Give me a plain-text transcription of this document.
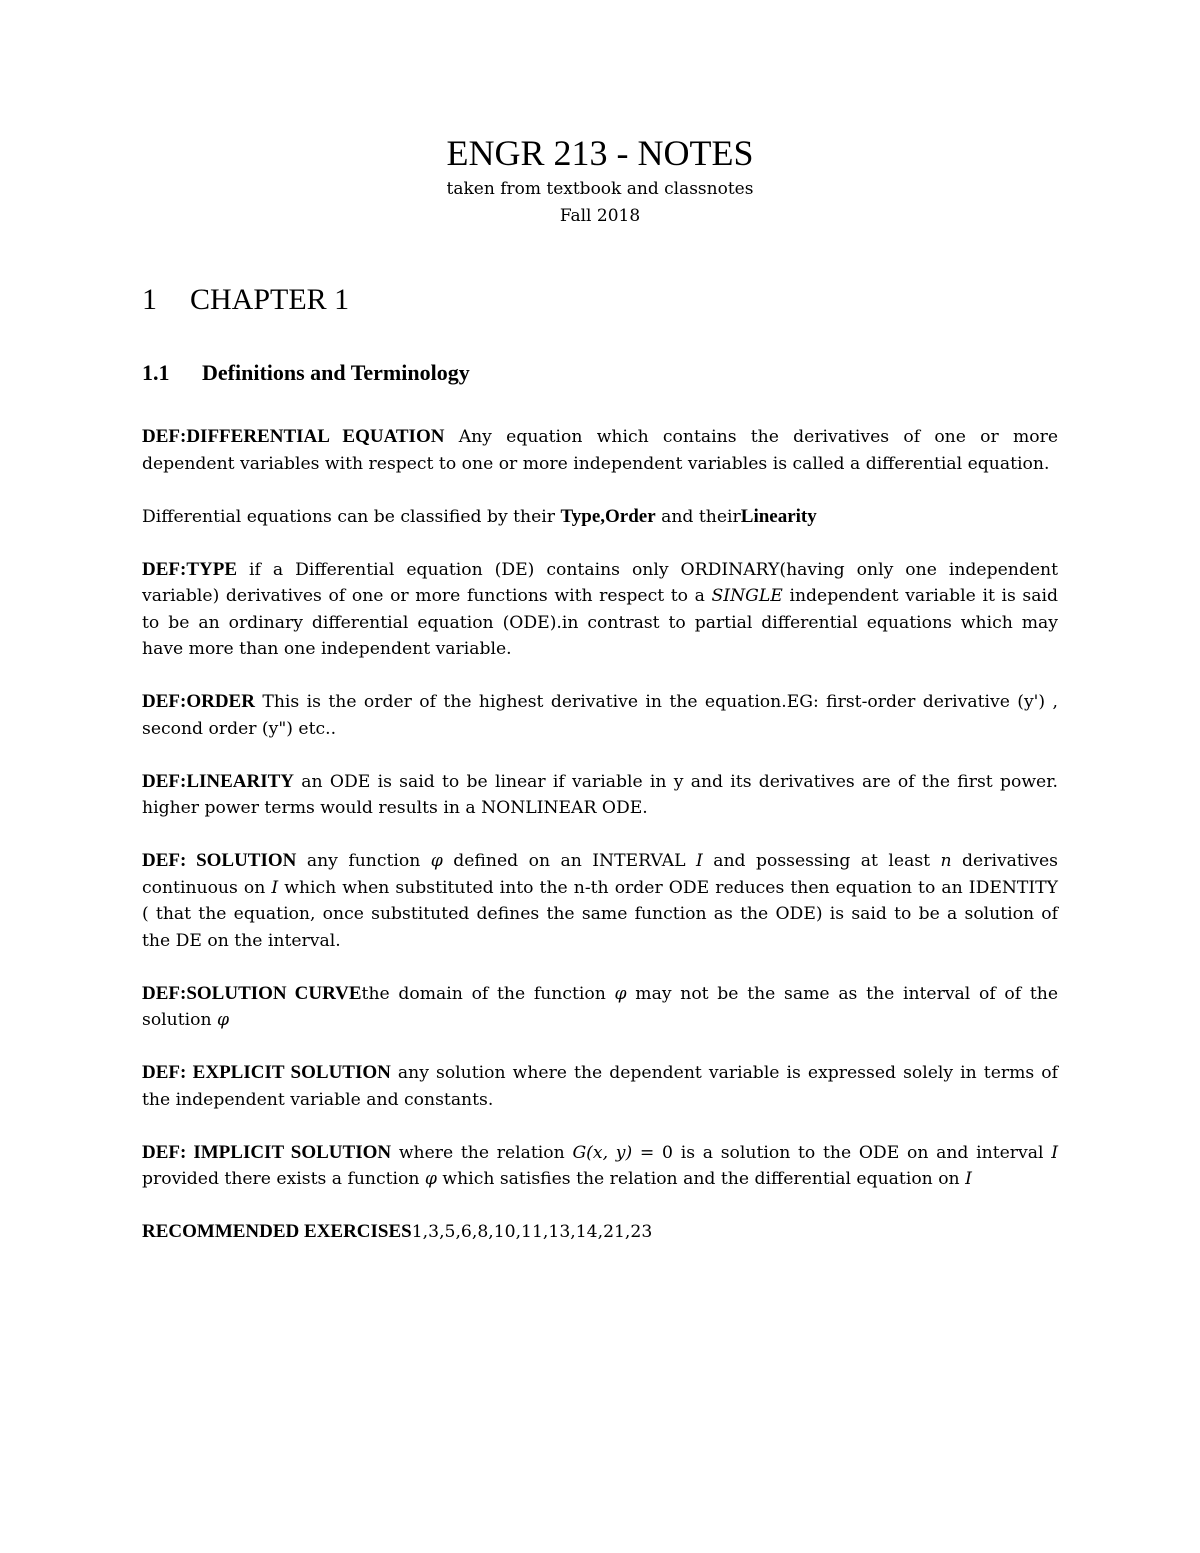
ENGR 213 - NOTES

taken from textbook and classnotes

Fall 2018

1 CHAPTER 1
1.1 Definitions and Terminology

DEF:DIFFERENTIAL EQUATION Any equation which contains the derivatives of one or more dependent variables with respect to one or more independent variables is called a differential equation.

Differential equations can be classified by their Type,Order and theirLinearity

DEF:TYPE if a Differential equation (DE) contains only ORDINARY(having only one independent variable) derivatives of one or more functions with respect to a SINGLE independent variable it is said to be an ordinary differential equation (ODE).in contrast to partial differential equations which may have more than one independent variable.

DEF:ORDER This is the order of the highest derivative in the equation.EG: first-order derivative (y') , second order (y") etc..

DEF:LINEARITY an ODE is said to be linear if variable in y and its derivatives are of the first power. higher power terms would results in a NONLINEAR ODE.

DEF: SOLUTION any function φ defined on an INTERVAL I and possessing at least n derivatives continuous on I which when substituted into the n-th order ODE reduces then equation to an IDENTITY ( that the equation, once substituted defines the same function as the ODE) is said to be a solution of the DE on the interval.

DEF:SOLUTION CURVEthe domain of the function φ may not be the same as the interval of of the solution φ

DEF: EXPLICIT SOLUTION any solution where the dependent variable is expressed solely in terms of the independent variable and constants.

DEF: IMPLICIT SOLUTION where the relation G(x, y) = 0 is a solution to the ODE on and interval I provided there exists a function φ which satisfies the relation and the differential equation on I

RECOMMENDED EXERCISES1,3,5,6,8,10,11,13,14,21,23
